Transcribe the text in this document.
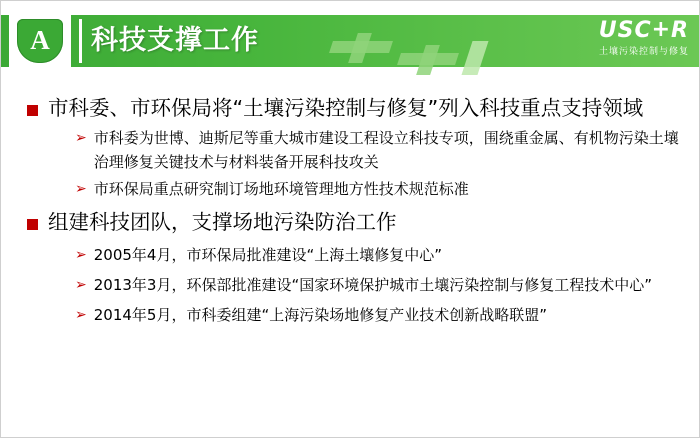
A 科技支撑工作	USC+R
土壤污染控制与修复
市科委、市环保局将“土壤污染控制与修复”列入科技重点支持领域
➢ 市科委为世博、迪斯尼等重大城市建设工程设立科技专项，围绕重金属、有机物污染土壤治理修复关键技术与材料装备开展科技攻关
➢ 市环保局重点研究制订场地环境管理地方性技术规范标准
组建科技团队，支撑场地污染防治工作
➢ 2005年4月，市环保局批准建设“上海土壤修复中心”
➢ 2013年3月，环保部批准建设“国家环境保护城市土壤污染控制与修复工程技术中心”
➢ 2014年5月，市科委组建“上海污染场地修复产业技术创新战略联盟”
